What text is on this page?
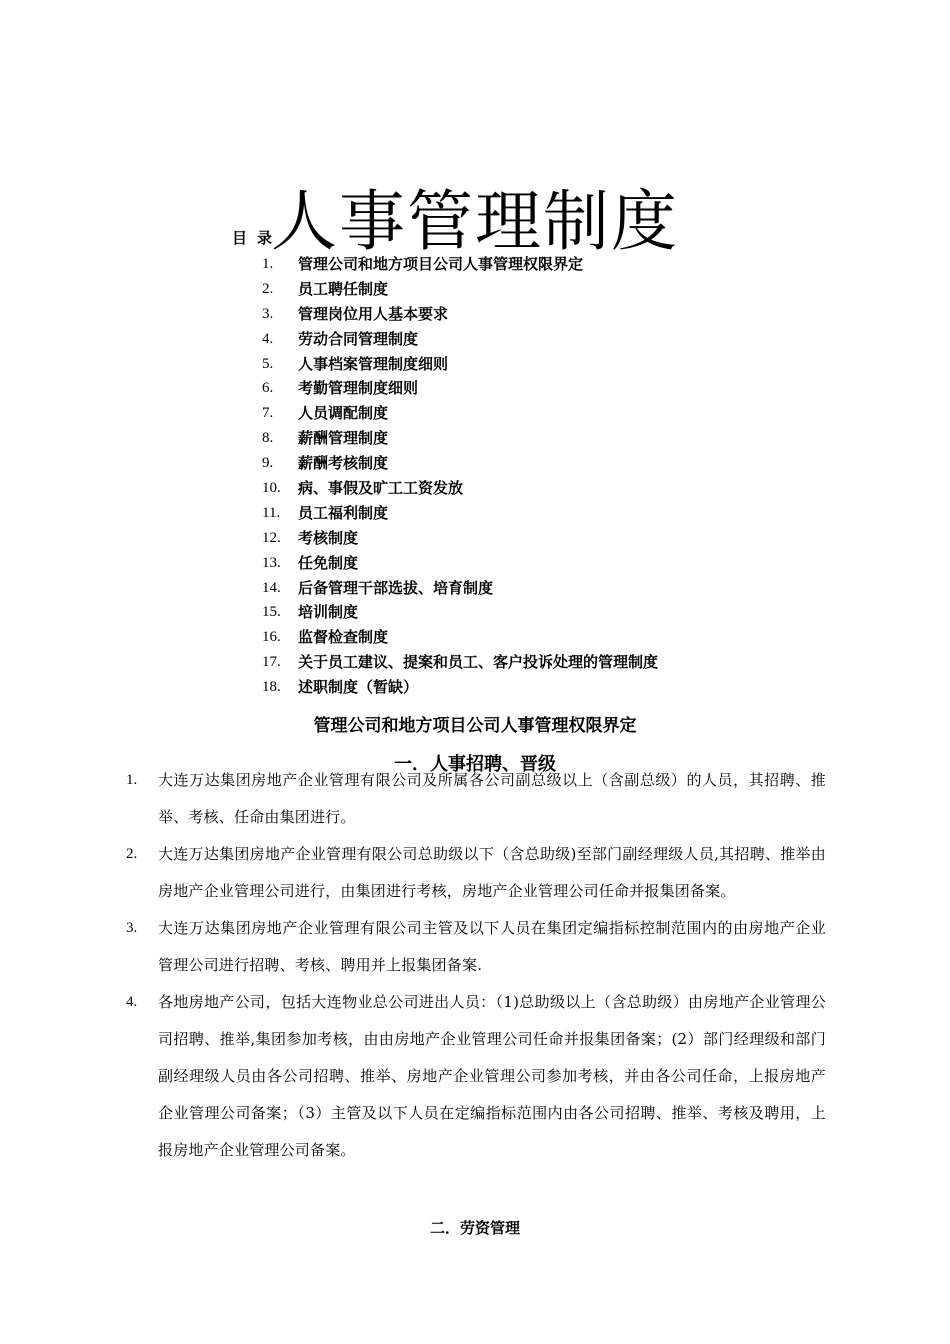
人事管理制度
目 录
1.	管理公司和地方项目公司人事管理权限界定
2.	员工聘任制度
3.	管理岗位用人基本要求
4.	劳动合同管理制度
5.	人事档案管理制度细则
6.	考勤管理制度细则
7.	人员调配制度
8.	薪酬管理制度
9.	薪酬考核制度
10.	病、事假及旷工工资发放
11.	员工福利制度
12.	考核制度
13.	任免制度
14.	后备管理干部选拔、培育制度
15.	培训制度
16.	监督检查制度
17.	关于员工建议、提案和员工、客户投诉处理的管理制度
18.	述职制度（暂缺）
管理公司和地方项目公司人事管理权限界定
一．人事招聘、晋级
1.	大连万达集团房地产企业管理有限公司及所属各公司副总级以上（含副总级）的人员，其招聘、推举、考核、任命由集团进行。
2.	大连万达集团房地产企业管理有限公司总助级以下（含总助级)至部门副经理级人员,其招聘、推举由房地产企业管理公司进行，由集团进行考核，房地产企业管理公司任命并报集团备案。
3.	大连万达集团房地产企业管理有限公司主管及以下人员在集团定编指标控制范围内的由房地产企业管理公司进行招聘、考核、聘用并上报集团备案.
4.	各地房地产公司，包括大连物业总公司进出人员：（1)总助级以上（含总助级）由房地产企业管理公司招聘、推举,集团参加考核，由由房地产企业管理公司任命并报集团备案；(2）部门经理级和部门副经理级人员由各公司招聘、推举、房地产企业管理公司参加考核，并由各公司任命，上报房地产企业管理公司备案；（3）主管及以下人员在定编指标范围内由各公司招聘、推举、考核及聘用，上报房地产企业管理公司备案。
二．劳资管理
